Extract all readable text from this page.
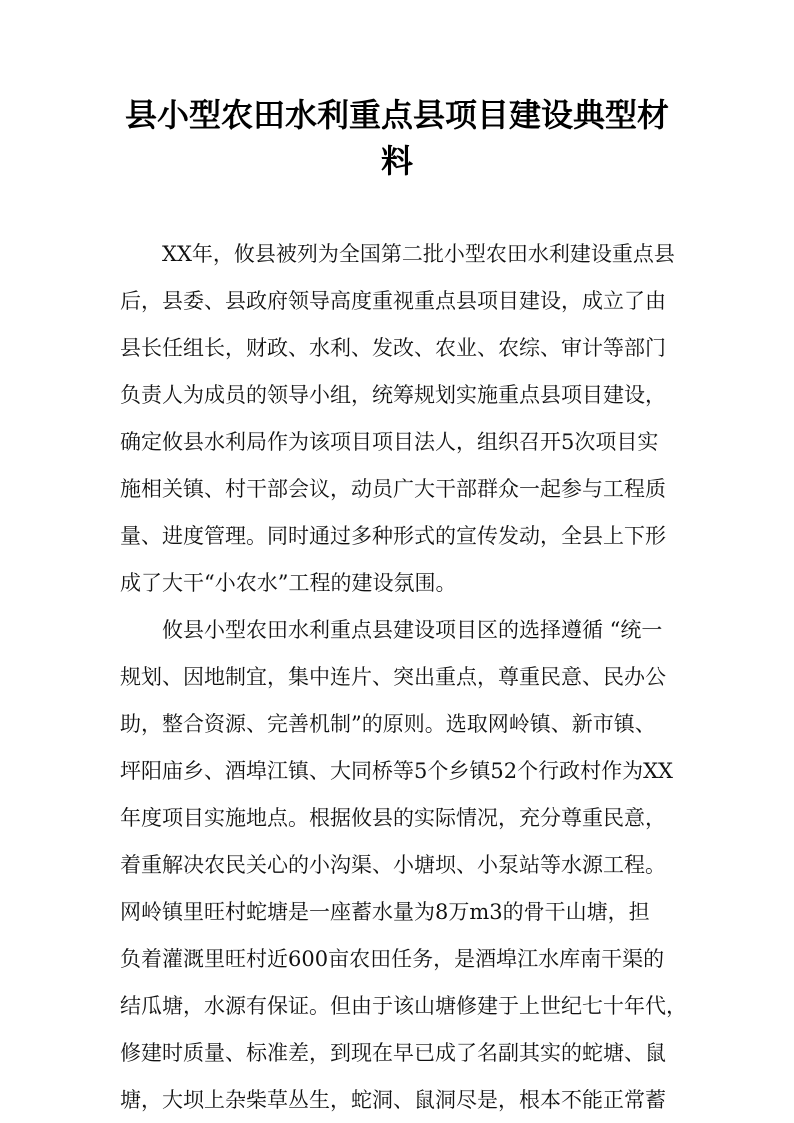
县小型农田水利重点县项目建设典型材
料
XX年，攸县被列为全国第二批小型农田水利建设重点县
后，县委、县政府领导高度重视重点县项目建设，成立了由
县长任组长，财政、水利、发改、农业、农综、审计等部门
负责人为成员的领导小组，统筹规划实施重点县项目建设，
确定攸县水利局作为该项目项目法人，组织召开5次项目实
施相关镇、村干部会议，动员广大干部群众一起参与工程质
量、进度管理。同时通过多种形式的宣传发动，全县上下形
成了大干“小农水”工程的建设氛围。
攸县小型农田水利重点县建设项目区的选择遵循 “统一
规划、因地制宜，集中连片、突出重点，尊重民意、民办公
助，整合资源、完善机制”的原则。选取网岭镇、新市镇、
坪阳庙乡、酒埠江镇、大同桥等5个乡镇52个行政村作为XX
年度项目实施地点。根据攸县的实际情况，充分尊重民意，
着重解决农民关心的小沟渠、小塘坝、小泵站等水源工程。
网岭镇里旺村蛇塘是一座蓄水量为8万m3的骨干山塘，担
负着灌溉里旺村近600亩农田任务，是酒埠江水库南干渠的
结瓜塘，水源有保证。但由于该山塘修建于上世纪七十年代，
修建时质量、标准差，到现在早已成了名副其实的蛇塘、鼠
塘，大坝上杂柴草丛生，蛇洞、鼠洞尽是，根本不能正常蓄
